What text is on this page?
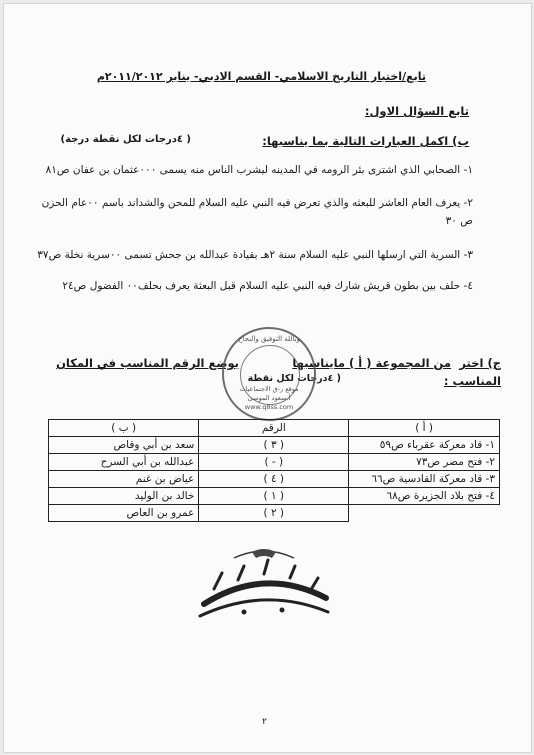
تابع/اختبار التاريخ الاسلامي- القسم الادبي- يناير ٢٠١١/٢٠١٢م
تابع السؤال الاول:
ب) اكمل العبارات التالية بما يناسبها:
( ٤درجات لكل نقطة درجة)
١- الصحابي الذي اشترى بئر الرومه في المدينه ليشرب الناس منه يسمى ٠٠٠عثمان بن عفان ص٨١
٢- يعرف العام العاشر للبعثه والذي تعرض فيه النبي عليه السلام للمحن والشداند باسم ٠٠عام الحزن
ص ٣٠
٣- السرية التي ارسلها النبي عليه السلام سنة ٢هـ بقيادة عبدالله بن جحش تسمى ٠٠سرية نخلة ص٣٧
٤- حلف بين بطون قريش شارك فيه النبي عليه السلام قبل البعثة يعرف بحلف٠٠ الفضول ص٢٤
ج) اختر
من المجموعة ( أ ) مايناسبها
بوضع الرقم المناسب في المكان
المناسب :
( ٤درجات لكل نقطة
وبالله التوفيق والنجاح
موقع ر-ق الاجتماعيات
أ.سعود الموسى
www.q8ss.com
( أ )	الرقم	( ب )
١- قاد معركة عقرباء ص٥٩	( ٣ )	سعد بن أبي وقاص
٢- فتح مصر ص٧٣	( - )	عبدالله بن أبي السرح
٣- قاد معركة القادسية ص٦٦	( ٤ )	عياض بن غنم
٤- فتح بلاد الجزيرة ص٦٨	( ١ )	خالد بن الوليد
	( ٢ )	عمرو بن العاص
٢
